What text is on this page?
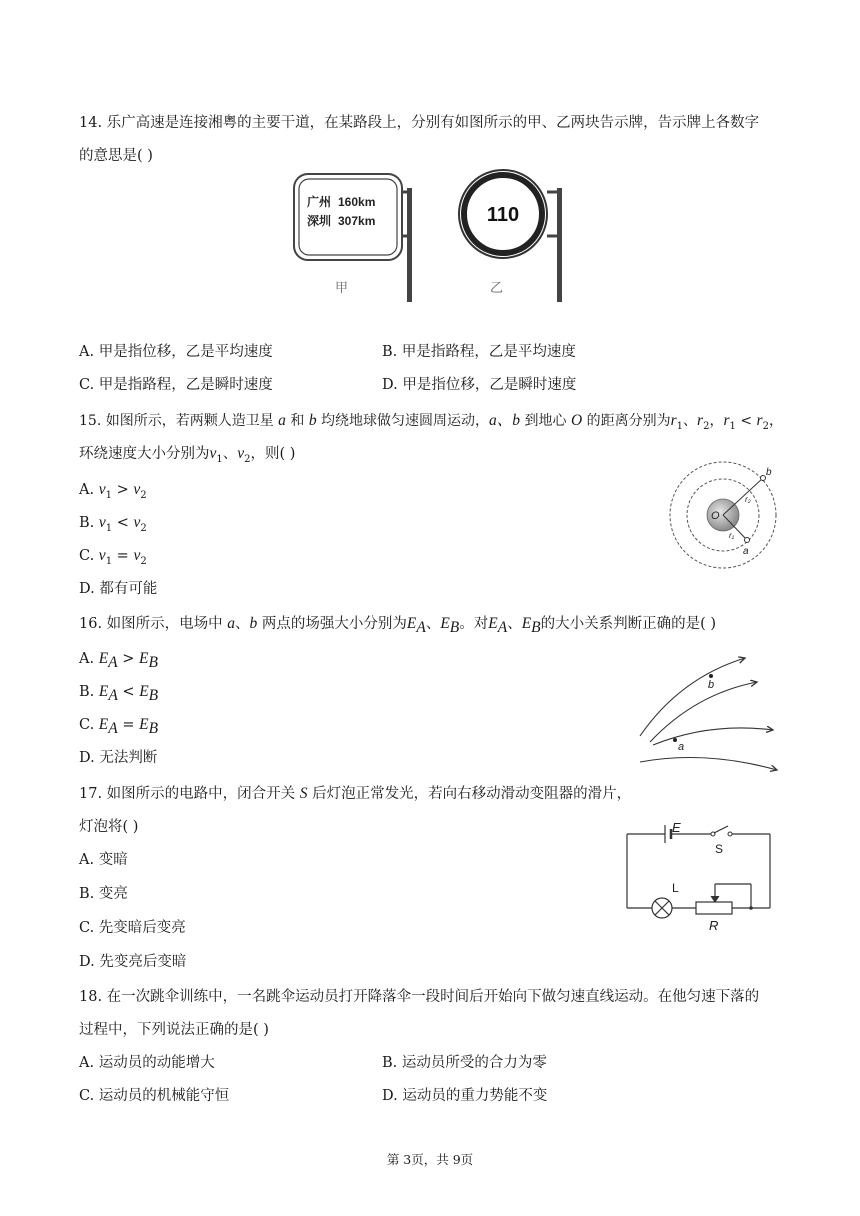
14. 乐广高速是连接湘粤的主要干道，在某路段上，分别有如图所示的甲、乙两块告示牌，告示牌上各数字
的意思是( )
广州 160km
深圳 307km
甲
110
乙
A. 甲是指位移，乙是平均速度	B. 甲是指路程，乙是平均速度
C. 甲是指路程，乙是瞬时速度	D. 甲是指位移，乙是瞬时速度
15. 如图所示，若两颗人造卫星 a 和 b 均绕地球做匀速圆周运动，a、b 到地心 O 的距离分别为$r_1$、$r_2$，$r_1 < r_2$，
环绕速度大小分别为$v_1$、$v_2$，则( )
A. $v_1 > v_2$
B. $v_1 < v_2$
C. $v_1 = v_2$
D. 都有可能
O
a
b
r₁
r₂
16. 如图所示，电场中 a、b 两点的场强大小分别为$E_A$、$E_B$。对$E_A$、$E_B$的大小关系判断正确的是( )
A. $E_A > E_B$
B. $E_A < E_B$
C. $E_A = E_B$
D. 无法判断
b
a
17. 如图所示的电路中，闭合开关 S 后灯泡正常发光，若向右移动滑动变阻器的滑片，
灯泡将( )
A. 变暗
B. 变亮
C. 先变暗后变亮
D. 先变亮后变暗
E
S
L
R
18. 在一次跳伞训练中，一名跳伞运动员打开降落伞一段时间后开始向下做匀速直线运动。在他匀速下落的
过程中，下列说法正确的是( )
A. 运动员的动能增大	B. 运动员所受的合力为零
C. 运动员的机械能守恒	D. 运动员的重力势能不变
第 3页，共 9页
